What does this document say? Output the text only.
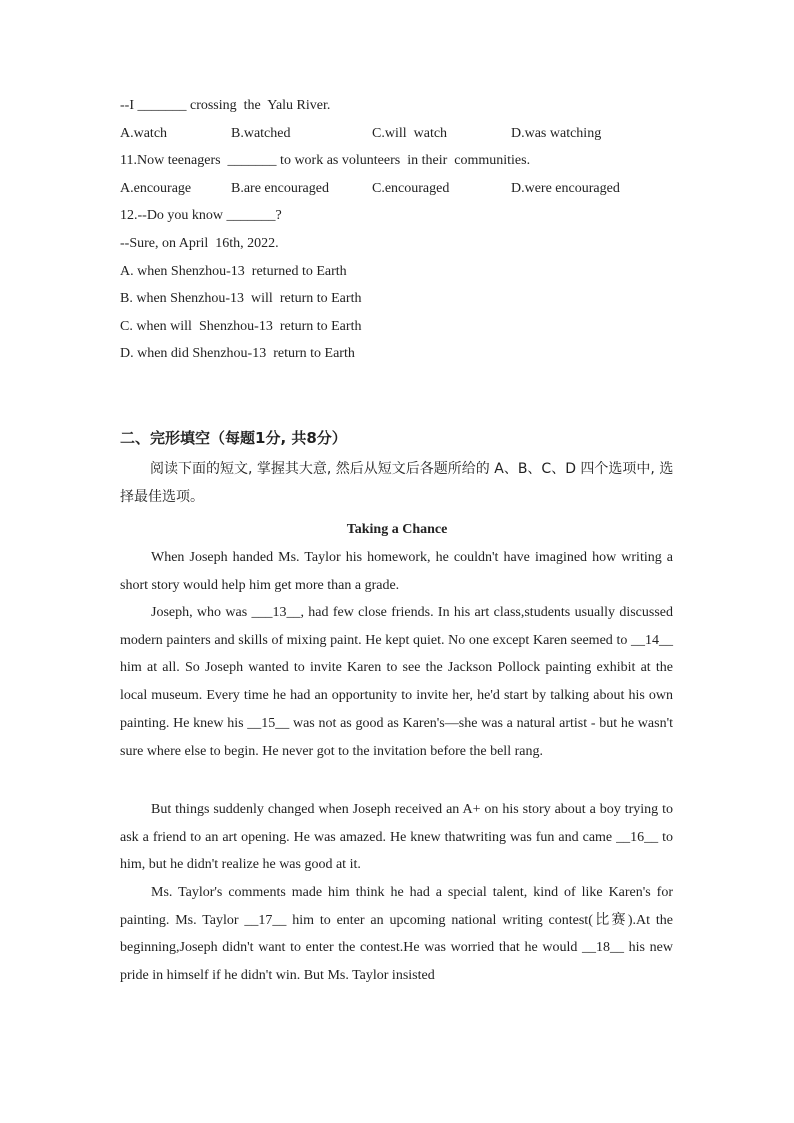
--I _______ crossing  the  Yalu River.
A.watch	B.watched	C.will  watch	D.was watching
11.Now teenagers  _______ to work as volunteers  in their  communities.
A.encourage	B.are encouraged	C.encouraged	D.were encouraged
12.--Do you know _______?
--Sure, on April  16th, 2022.
A. when Shenzhou-13  returned to Earth
B. when Shenzhou-13  will  return to Earth
C. when will  Shenzhou-13  return to Earth
D. when did Shenzhou-13  return to Earth
二、完形填空（每题1分, 共8分）
阅读下面的短文, 掌握其大意, 然后从短文后各题所给的 A、B、C、D 四个选项中, 选择最佳选项。
Taking a Chance
When Joseph handed Ms. Taylor his homework, he couldn't have imagined how writing a short story would help him get more than a grade.
Joseph, who was ___13__, had few close friends. In his art class,students usually discussed modern painters and skills of mixing paint. He kept quiet. No one except Karen seemed to __14__ him at all. So Joseph wanted to invite Karen to see the Jackson Pollock painting exhibit at the local museum. Every time he had an opportunity to invite her, he'd start by talking about his own painting. He knew his __15__ was not as good as Karen's—she was a natural artist - but he wasn't sure where else to begin. He never got to the invitation before the bell rang.
But things suddenly changed when Joseph received an A+ on his story about a boy trying to ask a friend to an art opening. He was amazed. He knew thatwriting was fun and came __16__ to him, but he didn't realize he was good at it.
Ms. Taylor's comments made him think he had a special talent, kind of like Karen's for painting. Ms. Taylor __17__ him to enter an upcoming national writing contest(比赛).At the beginning,Joseph didn't want to enter the contest.He was worried that he would __18__ his new pride in himself if he didn't win. But Ms. Taylor insisted
